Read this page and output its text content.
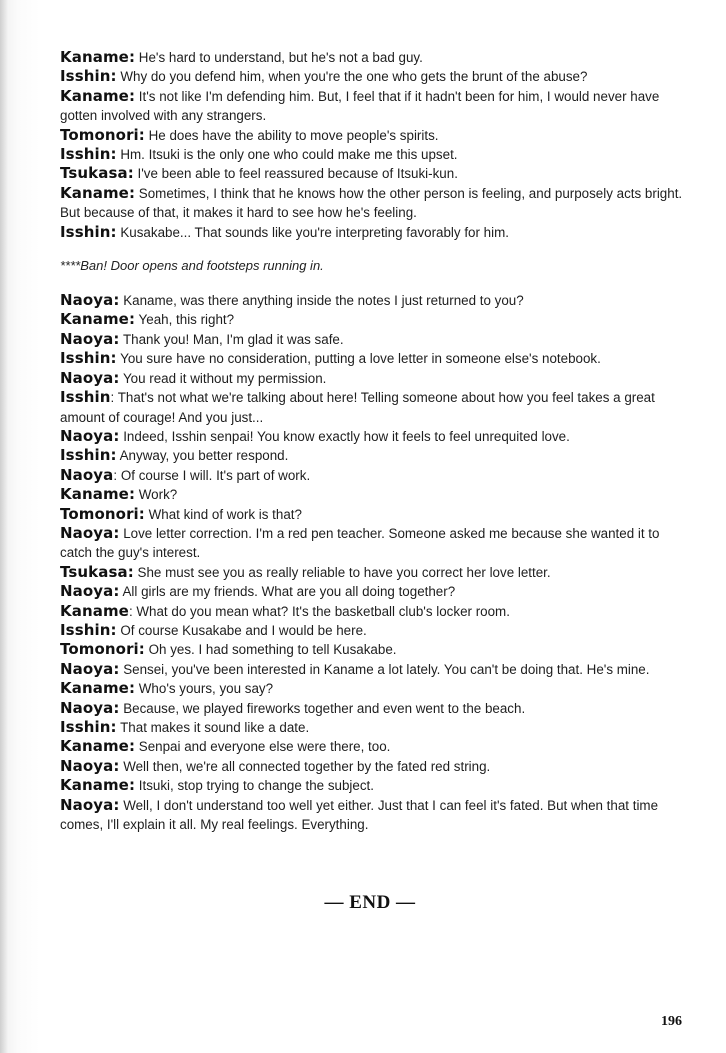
Kaname: He's hard to understand, but he's not a bad guy.

Isshin: Why do you defend him, when you're the one who gets the brunt of the abuse?

Kaname: It's not like I'm defending him. But, I feel that if it hadn't been for him, I would never have gotten involved with any strangers.

Tomonori: He does have the ability to move people's spirits.

Isshin: Hm. Itsuki is the only one who could make me this upset.

Tsukasa: I've been able to feel reassured because of Itsuki-kun.

Kaname: Sometimes, I think that he knows how the other person is feeling, and purposely acts bright. But because of that, it makes it hard to see how he's feeling.

Isshin: Kusakabe... That sounds like you're interpreting favorably for him.

****Ban! Door opens and footsteps running in.

Naoya: Kaname, was there anything inside the notes I just returned to you?

Kaname: Yeah, this right?

Naoya: Thank you! Man, I'm glad it was safe.

Isshin: You sure have no consideration, putting a love letter in someone else's notebook.

Naoya: You read it without my permission.

Isshin: That's not what we're talking about here! Telling someone about how you feel takes a great amount of courage! And you just...

Naoya: Indeed, Isshin senpai! You know exactly how it feels to feel unrequited love.

Isshin: Anyway, you better respond.

Naoya: Of course I will. It's part of work.

Kaname: Work?

Tomonori: What kind of work is that?

Naoya: Love letter correction. I'm a red pen teacher. Someone asked me because she wanted it to catch the guy's interest.

Tsukasa: She must see you as really reliable to have you correct her love letter.

Naoya: All girls are my friends. What are you all doing together?

Kaname: What do you mean what? It's the basketball club's locker room.

Isshin: Of course Kusakabe and I would be here.

Tomonori: Oh yes. I had something to tell Kusakabe.

Naoya: Sensei, you've been interested in Kaname a lot lately. You can't be doing that. He's mine.

Kaname: Who's yours, you say?

Naoya: Because, we played fireworks together and even went to the beach.

Isshin: That makes it sound like a date.

Kaname: Senpai and everyone else were there, too.

Naoya: Well then, we're all connected together by the fated red string.

Kaname: Itsuki, stop trying to change the subject.

Naoya: Well, I don't understand too well yet either. Just that I can feel it's fated. But when that time comes, I'll explain it all. My real feelings. Everything.

— END —
196
